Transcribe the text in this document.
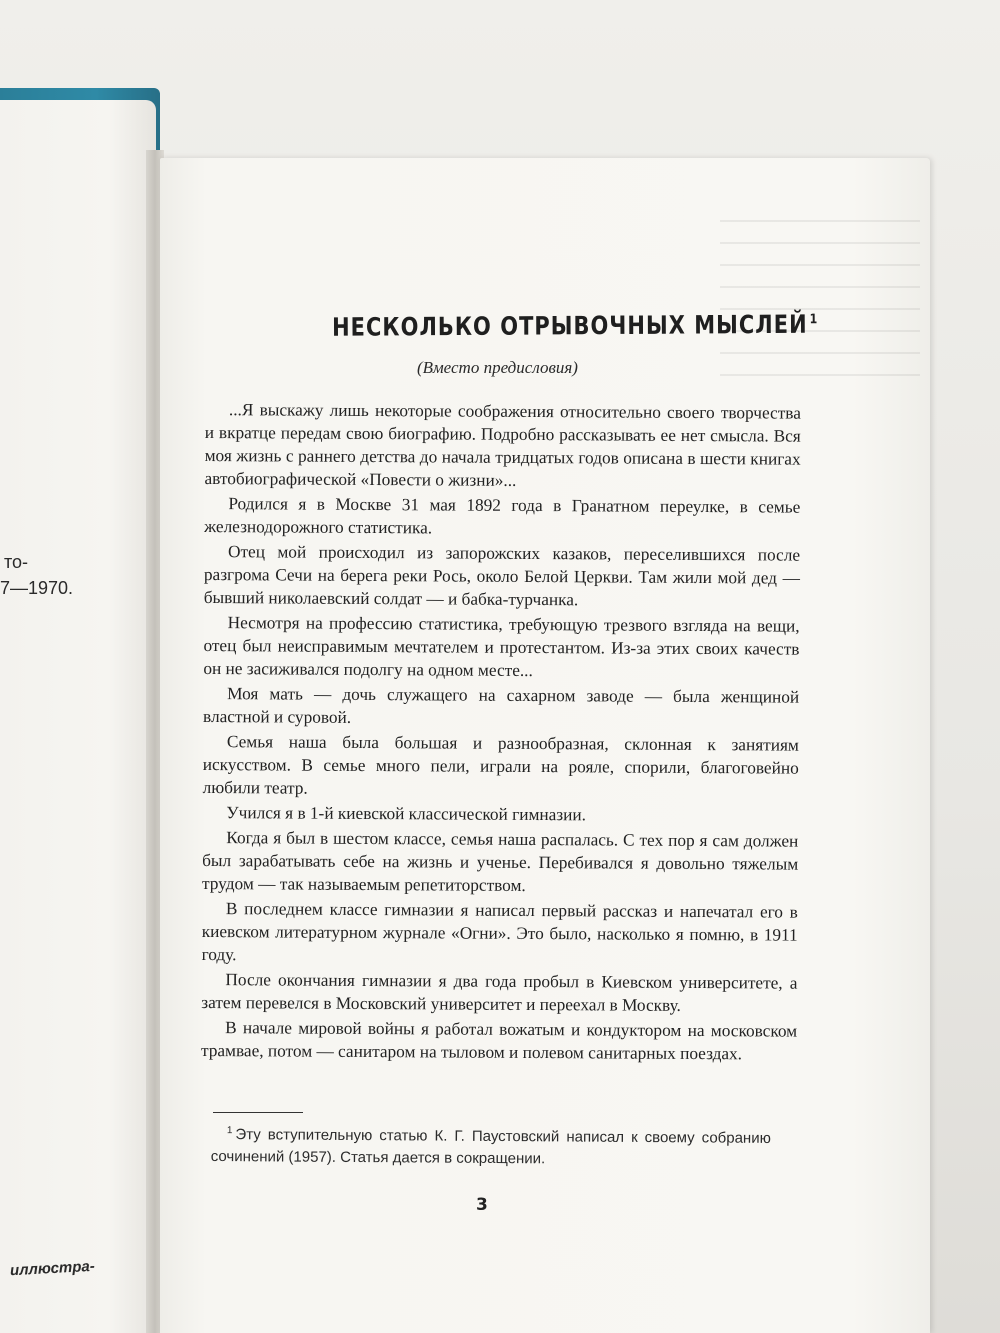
то-
7—1970.
иллюстра-
НЕСКОЛЬКО ОТРЫВОЧНЫХ МЫСЛЕЙ $^1$
(Вместо предисловия)

...Я выскажу лишь некоторые соображения относительно своего творчества и вкратце передам свою биографию. Подробно рассказывать ее нет смысла. Вся моя жизнь с раннего детства до начала тридцатых годов описана в шести книгах автобиографической «Повести о жизни»...

Родился я в Москве 31 мая 1892 года в Гранатном переулке, в семье железнодорожного статистика.

Отец мой происходил из запорожских казаков, переселившихся после разгрома Сечи на берега реки Рось, около Белой Церкви. Там жили мой дед — бывший николаевский солдат — и бабка-турчанка.

Несмотря на профессию статистика, требующую трезвого взгляда на вещи, отец был неисправимым мечтателем и протестантом. Из-за этих своих качеств он не засиживался подолгу на одном месте...

Моя мать — дочь служащего на сахарном заводе — была женщиной властной и суровой.

Семья наша была большая и разнообразная, склонная к занятиям искусством. В семье много пели, играли на рояле, спорили, благоговейно любили театр.

Учился я в 1-й киевской классической гимназии.

Когда я был в шестом классе, семья наша распалась. С тех пор я сам должен был зарабатывать себе на жизнь и ученье. Перебивался я довольно тяжелым трудом — так называемым репетиторством.

В последнем классе гимназии я написал первый рассказ и напечатал его в киевском литературном журнале «Огни». Это было, насколько я помню, в 1911 году.

После окончания гимназии я два года пробыл в Киевском университете, а затем перевелся в Московский университет и переехал в Москву.

В начале мировой войны я работал вожатым и кондуктором на московском трамвае, потом — санитаром на тыловом и полевом санитарных поездах.

$^1$ Эту вступительную статью К. Г. Паустовский написал к своему собранию сочинений (1957). Статья дается в сокращении.

3
